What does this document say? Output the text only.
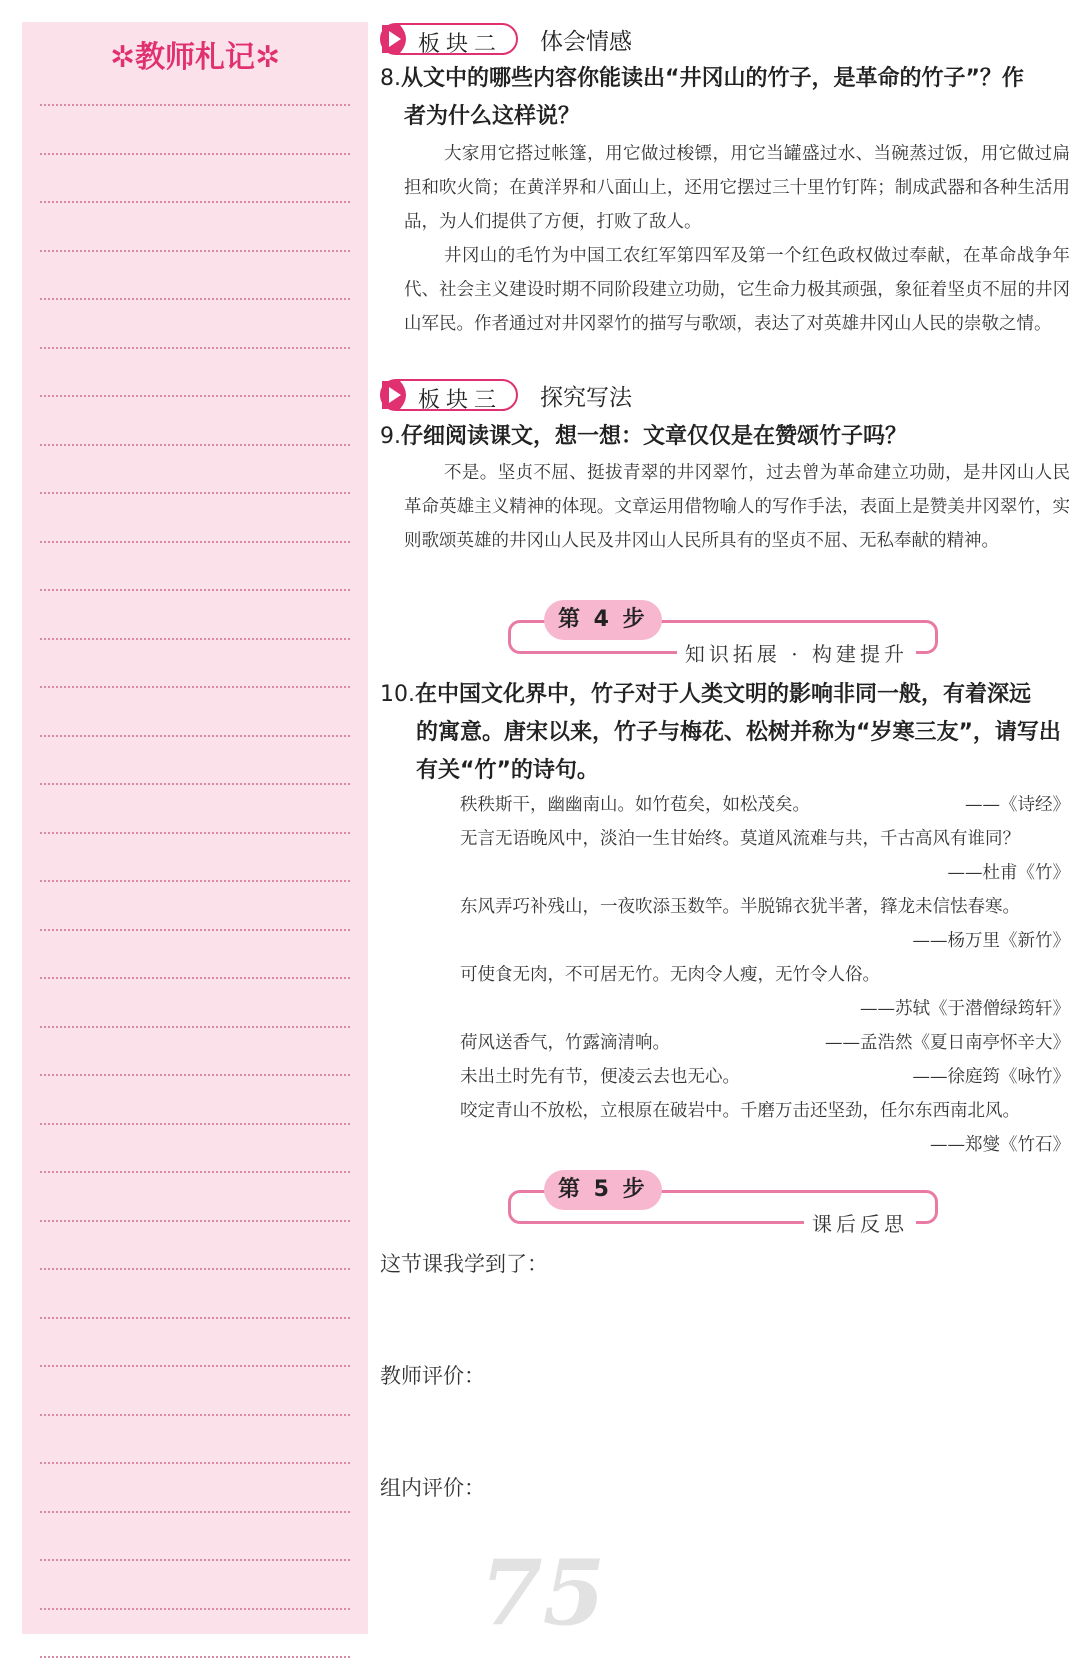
✲教师札记✲	板块二 体会情感
8.从文中的哪些内容你能读出“井冈山的竹子，是革命的竹子”？作
者为什么这样说？
大家用它搭过帐篷，用它做过梭镖，用它当罐盛过水、当碗蒸过饭，用它做过扁担和吹火筒；在黄洋界和八面山上，还用它摆过三十里竹钉阵；制成武器和各种生活用品，为人们提供了方便，打败了敌人。
井冈山的毛竹为中国工农红军第四军及第一个红色政权做过奉献，在革命战争年代、社会主义建设时期不同阶段建立功勋，它生命力极其顽强，象征着坚贞不屈的井冈山军民。作者通过对井冈翠竹的描写与歌颂，表达了对英雄井冈山人民的崇敬之情。
板块三 探究写法
9.仔细阅读课文，想一想：文章仅仅是在赞颂竹子吗？
不是。坚贞不屈、挺拔青翠的井冈翠竹，过去曾为革命建立功勋，是井冈山人民革命英雄主义精神的体现。文章运用借物喻人的写作手法，表面上是赞美井冈翠竹，实则歌颂英雄的井冈山人民及井冈山人民所具有的坚贞不屈、无私奉献的精神。
第 4 步
知识拓展 · 构建提升
10.在中国文化界中，竹子对于人类文明的影响非同一般，有着深远
的寓意。唐宋以来，竹子与梅花、松树并称为“岁寒三友”，请写出
有关“竹”的诗句。
——《诗经》
秩秩斯干，幽幽南山。如竹苞矣，如松茂矣。
无言无语晚风中，淡泊一生甘始终。莫道风流难与共，千古高风有谁同？
——杜甫《竹》
东风弄巧补残山，一夜吹添玉数竿。半脱锦衣犹半著，箨龙未信怯春寒。
——杨万里《新竹》
可使食无肉，不可居无竹。无肉令人瘦，无竹令人俗。
——苏轼《于潜僧绿筠轩》
——孟浩然《夏日南亭怀辛大》
荷风送香气，竹露滴清响。
——徐庭筠《咏竹》
未出土时先有节，便凌云去也无心。
咬定青山不放松，立根原在破岩中。千磨万击还坚劲，任尔东西南北风。
——郑燮《竹石》
第 5 步
课后反思
这节课我学到了：
教师评价：
组内评价：
75
